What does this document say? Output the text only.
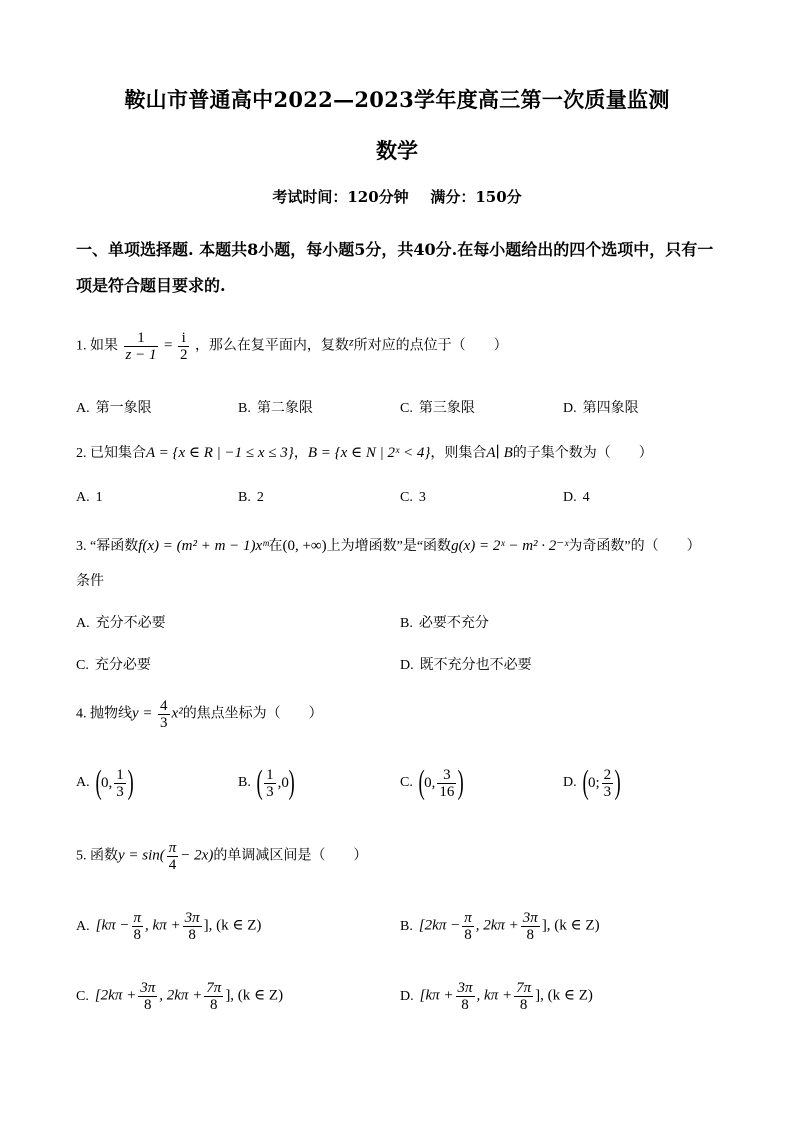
鞍山市普通高中2022—2023学年度高三第一次质量监测
数学
考试时间：120分钟   满分：150分
一、单项选择题. 本题共8小题，每小题5分，共40分.在每小题给出的四个选项中，只有一
项是符合题目要求的.
1. 如果 $\frac{1}{z - 1} = \frac{i}{2}$ ，那么在复平面内，复数z所对应的点位于（　　）
A. 第一象限	B. 第二象限	C. 第三象限	D. 第四象限
2. 已知集合A = {x ∈ R | −1 ≤ x ≤ 3}，B = {x ∈ N | 2ˣ < 4}，则集合A∣ B的子集个数为（　　）
A. 1	B. 2	C. 3	D. 4
3. “幂函数f(x) = (m² + m − 1)xᵐ在(0, +∞)上为增函数”是“函数g(x) = 2ˣ − m² · 2⁻ˣ为奇函数”的（　　）
条件
A. 充分不必要	B. 必要不充分
C. 充分必要	D. 既不充分也不必要
4. 抛物线$y = \frac{4}{3} x^2$的焦点坐标为（　　）
A. ( 0, $\frac{1}{3}$ )	B. ( $\frac{1}{3} ,0$ )	C. ( 0, $\frac{3}{16}$ )	D. ( 0; $\frac{2}{3}$ )
5. 函数$y = \sin( \frac{\pi}{4} - 2x)$的单调减区间是（　　）
A. [$k\pi - \frac{\pi}{8}$ , $k\pi + \frac{3\pi}{8}$ ], (k ∈ Z)	B. [$2k\pi - \frac{\pi}{8}$ , $2k\pi + \frac{3\pi}{8}$ ], (k ∈ Z)
C. [$2k\pi + \frac{3\pi}{8}$ , $2k\pi + \frac{7\pi}{8}$ ], (k ∈ Z)	D. [$k\pi + \frac{3\pi}{8}$ , $k\pi + \frac{7\pi}{8}$ ], (k ∈ Z)
